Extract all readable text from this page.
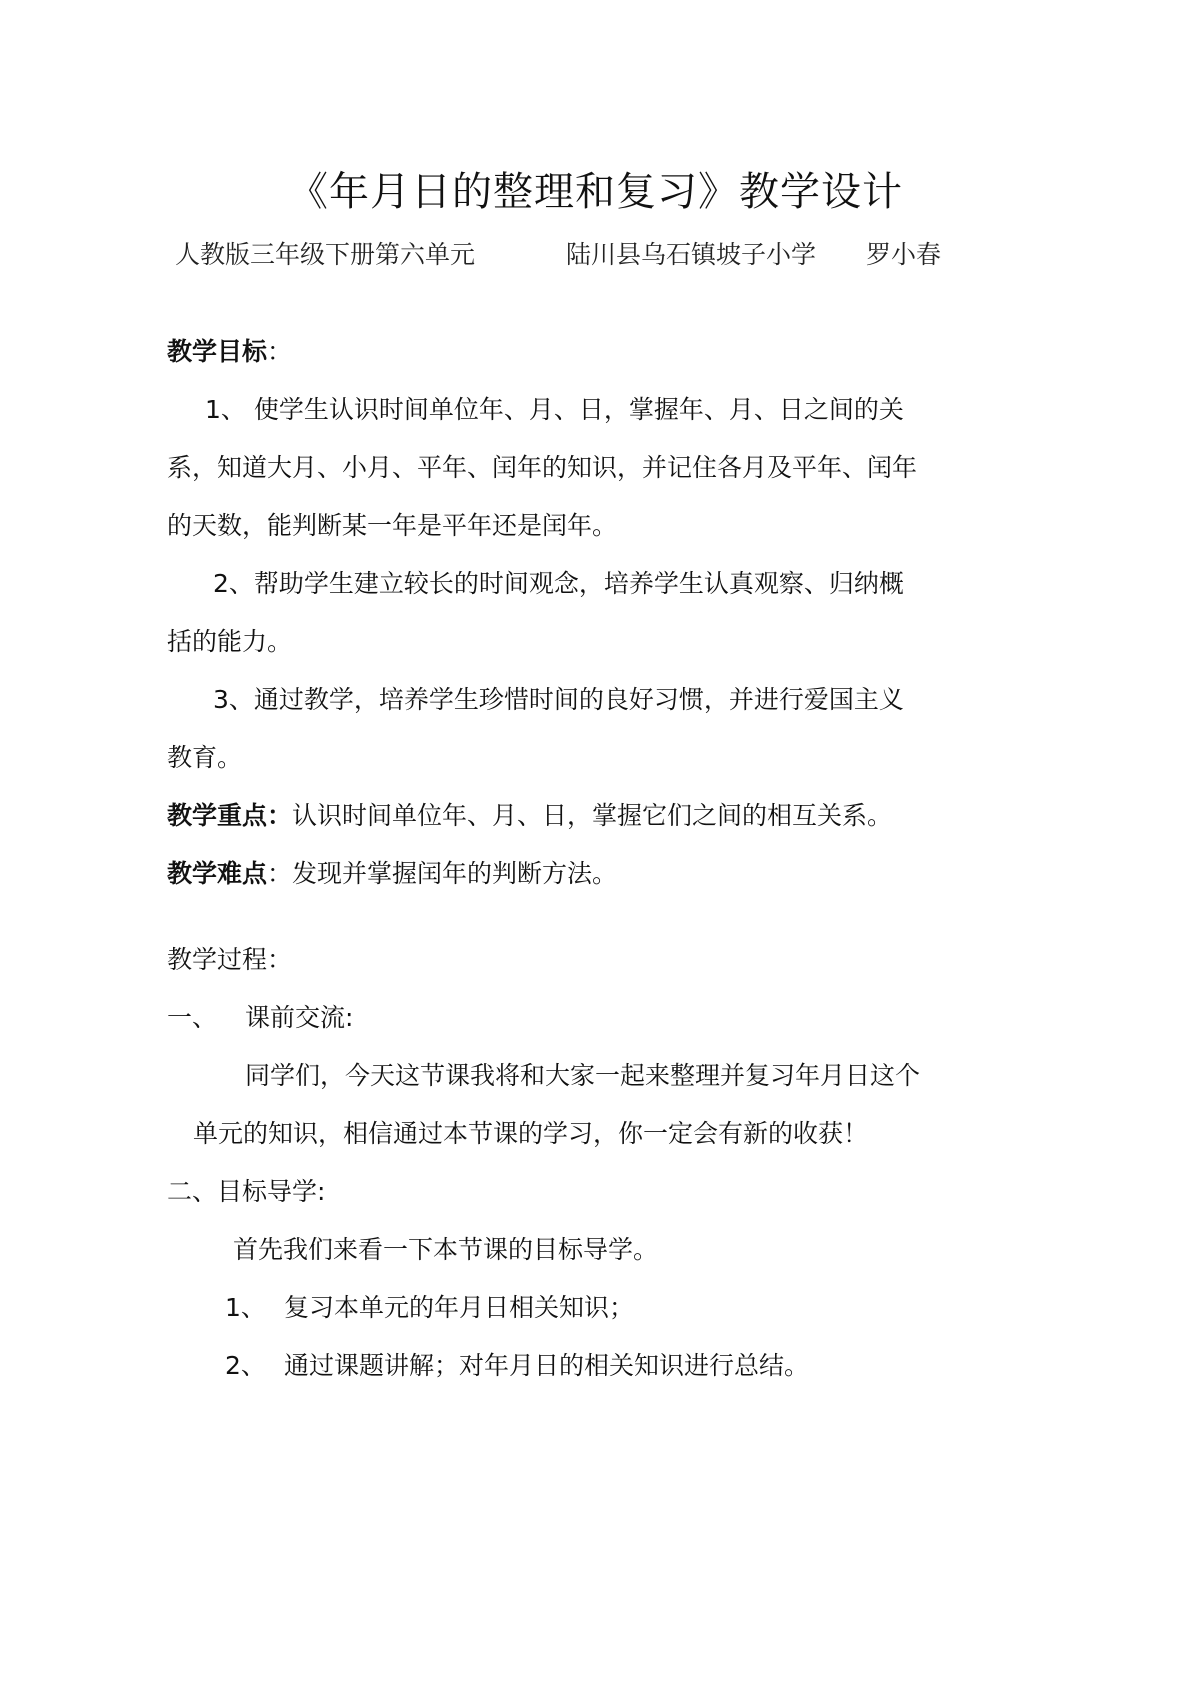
《年月日的整理和复习》教学设计
人教版三年级下册第六单元	陆川县乌石镇坡子小学 罗小春
教学目标：
1、 使学生认识时间单位年、月、日，掌握年、月、日之间的关
系，知道大月、小月、平年、闰年的知识，并记住各月及平年、闰年
的天数，能判断某一年是平年还是闰年。
2、帮助学生建立较长的时间观念，培养学生认真观察、归纳概
括的能力。
3、通过教学，培养学生珍惜时间的良好习惯，并进行爱国主义
教育。
教学重点：认识时间单位年、月、日，掌握它们之间的相互关系。
教学难点：发现并掌握闰年的判断方法。
教学过程：
一、 课前交流:
同学们，今天这节课我将和大家一起来整理并复习年月日这个
单元的知识，相信通过本节课的学习，你一定会有新的收获！
二、目标导学:
首先我们来看一下本节课的目标导学。
1、 复习本单元的年月日相关知识；
2、 通过课题讲解；对年月日的相关知识进行总结。
